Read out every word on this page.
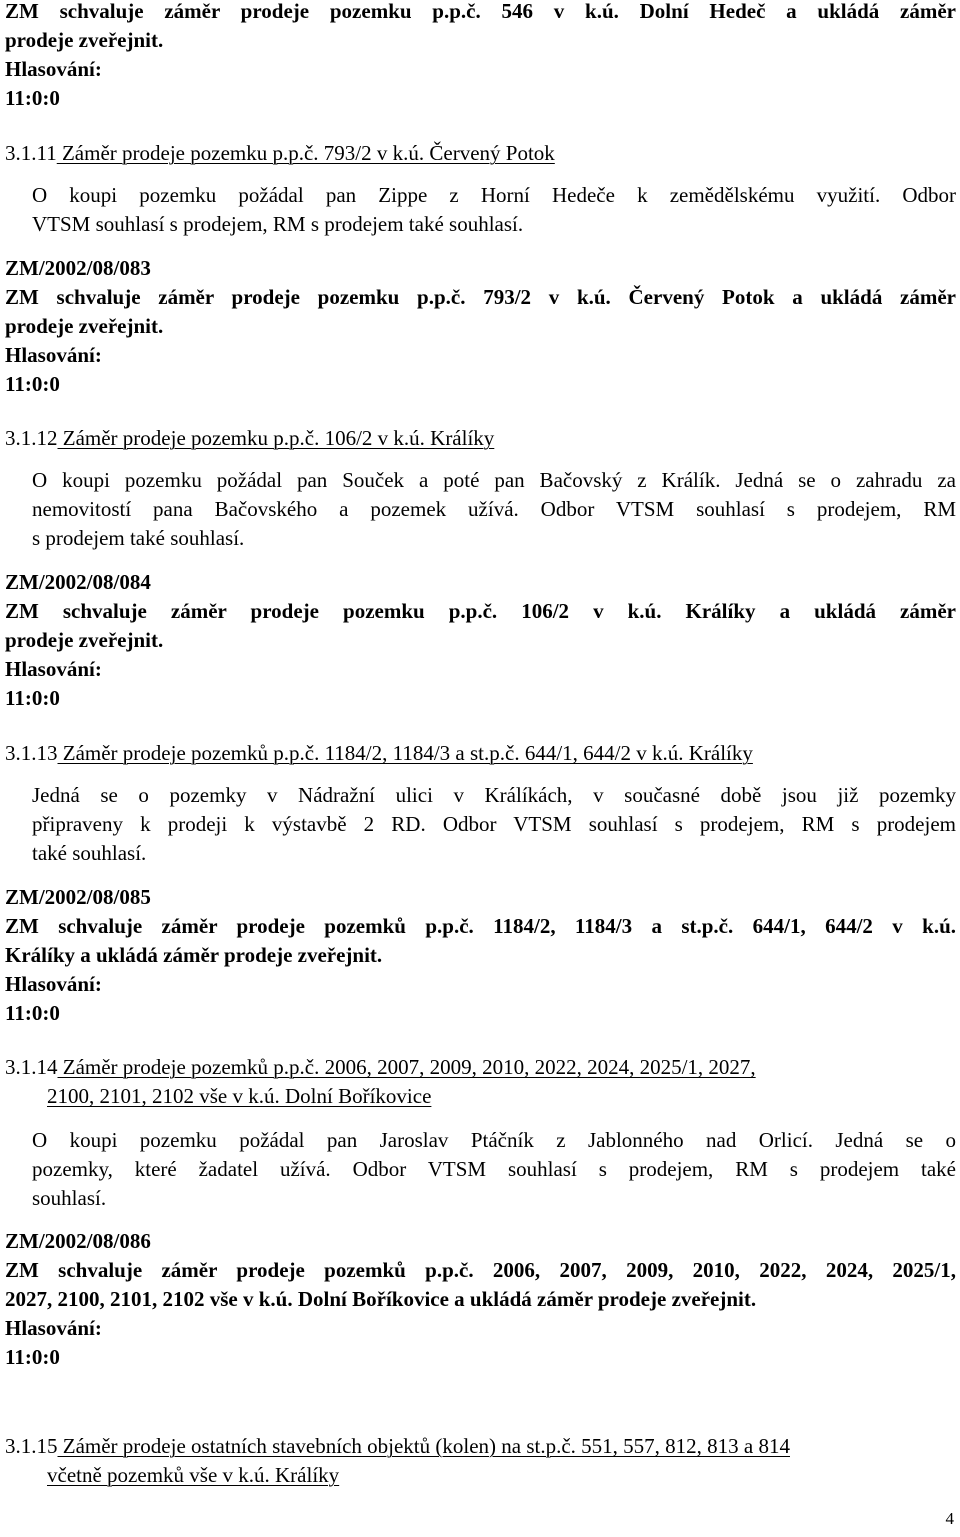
ZM schvaluje záměr prodeje pozemku p.p.č. 546 v k.ú. Dolní Hedeč a ukládá záměr
prodeje zveřejnit.
Hlasování:
11:0:0
3.1.11 Záměr prodeje pozemku p.p.č. 793/2 v k.ú. Červený Potok
O koupi pozemku požádal pan Zippe z Horní Hedeče k zemědělskému využití. Odbor
VTSM souhlasí s prodejem, RM s prodejem také souhlasí.
ZM/2002/08/083
ZM schvaluje záměr prodeje pozemku p.p.č. 793/2 v k.ú. Červený Potok a ukládá záměr
prodeje zveřejnit.
Hlasování:
11:0:0
3.1.12 Záměr prodeje pozemku p.p.č. 106/2 v k.ú. Králíky
O koupi pozemku požádal pan Souček a poté pan Bačovský z Králík. Jedná se o zahradu za
nemovitostí pana Bačovského a pozemek užívá. Odbor VTSM souhlasí s prodejem, RM
s prodejem také souhlasí.
ZM/2002/08/084
ZM schvaluje záměr prodeje pozemku p.p.č. 106/2 v k.ú. Králíky a ukládá záměr
prodeje zveřejnit.
Hlasování:
11:0:0
3.1.13 Záměr prodeje pozemků p.p.č. 1184/2, 1184/3 a st.p.č. 644/1, 644/2 v k.ú. Králíky
Jedná se o pozemky v Nádražní ulici v Králíkách, v současné době jsou již pozemky
připraveny k prodeji k výstavbě 2 RD. Odbor VTSM souhlasí s prodejem, RM s prodejem
také souhlasí.
ZM/2002/08/085
ZM schvaluje záměr prodeje pozemků p.p.č. 1184/2, 1184/3 a st.p.č. 644/1, 644/2 v k.ú.
Králíky a ukládá záměr prodeje zveřejnit.
Hlasování:
11:0:0
3.1.14 Záměr prodeje pozemků p.p.č. 2006, 2007, 2009, 2010, 2022, 2024, 2025/1, 2027,
2100, 2101, 2102 vše v k.ú. Dolní Boříkovice
O koupi pozemku požádal pan Jaroslav Ptáčník z Jablonného nad Orlicí. Jedná se o
pozemky, které žadatel užívá. Odbor VTSM souhlasí s prodejem, RM s prodejem také
souhlasí.
ZM/2002/08/086
ZM schvaluje záměr prodeje pozemků p.p.č. 2006, 2007, 2009, 2010, 2022, 2024, 2025/1,
2027, 2100, 2101, 2102 vše v k.ú. Dolní Boříkovice a ukládá záměr prodeje zveřejnit.
Hlasování:
11:0:0
3.1.15 Záměr prodeje ostatních stavebních objektů (kolen) na st.p.č. 551, 557, 812, 813 a 814
včetně pozemků vše v k.ú. Králíky
4
